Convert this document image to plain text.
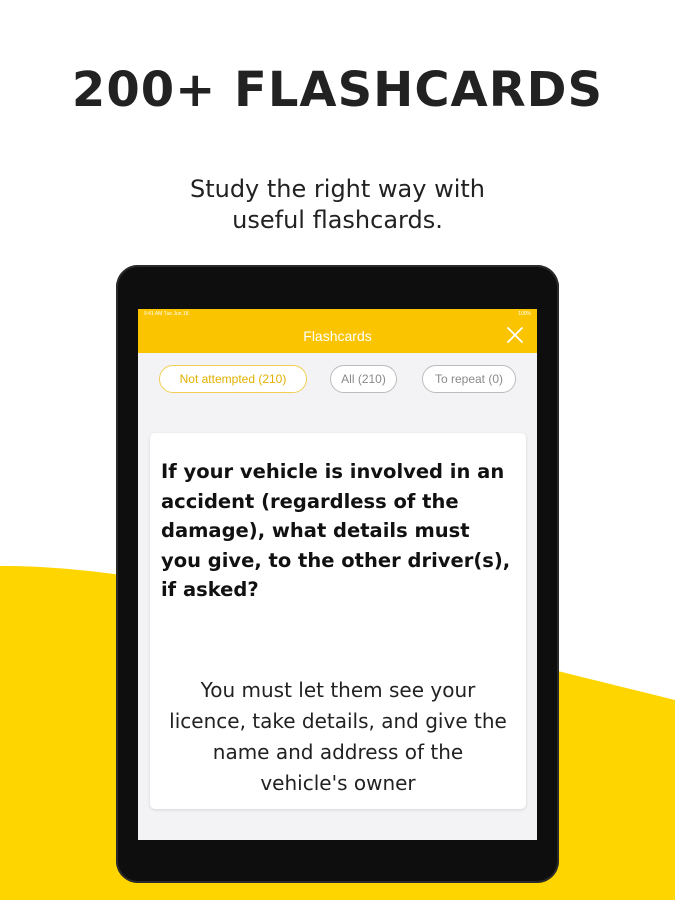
200+ FLASHCARDS
Study the right way with
useful flashcards.
9:41 AM Tue Jun 18	100%
Flashcards
Not attempted (210)	All (210)	To repeat (0)
If your vehicle is involved in an
accident (regardless of the
damage), what details must
you give, to the other driver(s),
if asked?
You must let them see your
licence, take details, and give the
name and address of the
vehicle's owner
